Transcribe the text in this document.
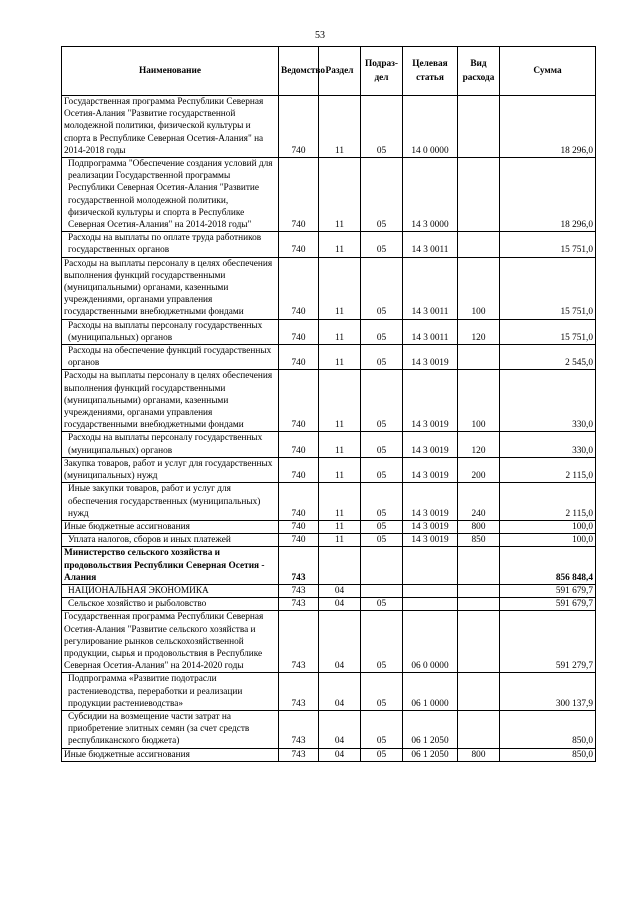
53
Наименование	Ведомство	Раздел	Подраз-дел	Целевая статья	Вид расхода	Сумма
Государственная программа Республики Северная Осетия-Алания "Развитие государственной молодежной политики, физической культуры и спорта в Республике Северная Осетия-Алания" на 2014-2018 годы	740	11	05	14 0 0000		18 296,0
Подпрограмма "Обеспечение создания условий для реализации Государственной программы Республики Северная Осетия-Алания "Развитие государственной молодежной политики, физической культуры и спорта в Республике Северная Осетия-Алания" на 2014-2018 годы"	740	11	05	14 3 0000		18 296,0
Расходы на выплаты по оплате труда работников государственных органов	740	11	05	14 3 0011		15 751,0
Расходы на выплаты персоналу в целях обеспечения выполнения функций государственными (муниципальными) органами, казенными учреждениями, органами управления государственными внебюджетными фондами	740	11	05	14 3 0011	100	15 751,0
Расходы на выплаты персоналу государственных (муниципальных) органов	740	11	05	14 3 0011	120	15 751,0
Расходы на обеспечение функций государственных органов	740	11	05	14 3 0019		2 545,0
Расходы на выплаты персоналу в целях обеспечения выполнения функций государственными (муниципальными) органами, казенными учреждениями, органами управления государственными внебюджетными фондами	740	11	05	14 3 0019	100	330,0
Расходы на выплаты персоналу государственных (муниципальных) органов	740	11	05	14 3 0019	120	330,0
Закупка товаров, работ и услуг для государственных (муниципальных) нужд	740	11	05	14 3 0019	200	2 115,0
Иные закупки товаров, работ и услуг для обеспечения государственных (муниципальных) нужд	740	11	05	14 3 0019	240	2 115,0
Иные бюджетные ассигнования	740	11	05	14 3 0019	800	100,0
Уплата налогов, сборов и иных платежей	740	11	05	14 3 0019	850	100,0
Министерство сельского хозяйства и продовольствия Республики Северная Осетия - Алания	743					856 848,4
НАЦИОНАЛЬНАЯ ЭКОНОМИКА	743	04				591 679,7
Сельское хозяйство и рыболовство	743	04	05			591 679,7
Государственная программа Республики Северная Осетия-Алания "Развитие сельского хозяйства и регулирование рынков сельскохозяйственной продукции, сырья и продовольствия в Республике Северная Осетия-Алания" на 2014-2020 годы	743	04	05	06 0 0000		591 279,7
Подпрограмма «Развитие подотрасли растениеводства, переработки и реализации продукции растениеводства»	743	04	05	06 1 0000		300 137,9
Субсидии на возмещение части затрат на приобретение элитных семян (за счет средств республиканского бюджета)	743	04	05	06 1 2050		850,0
Иные бюджетные ассигнования	743	04	05	06 1 2050	800	850,0
